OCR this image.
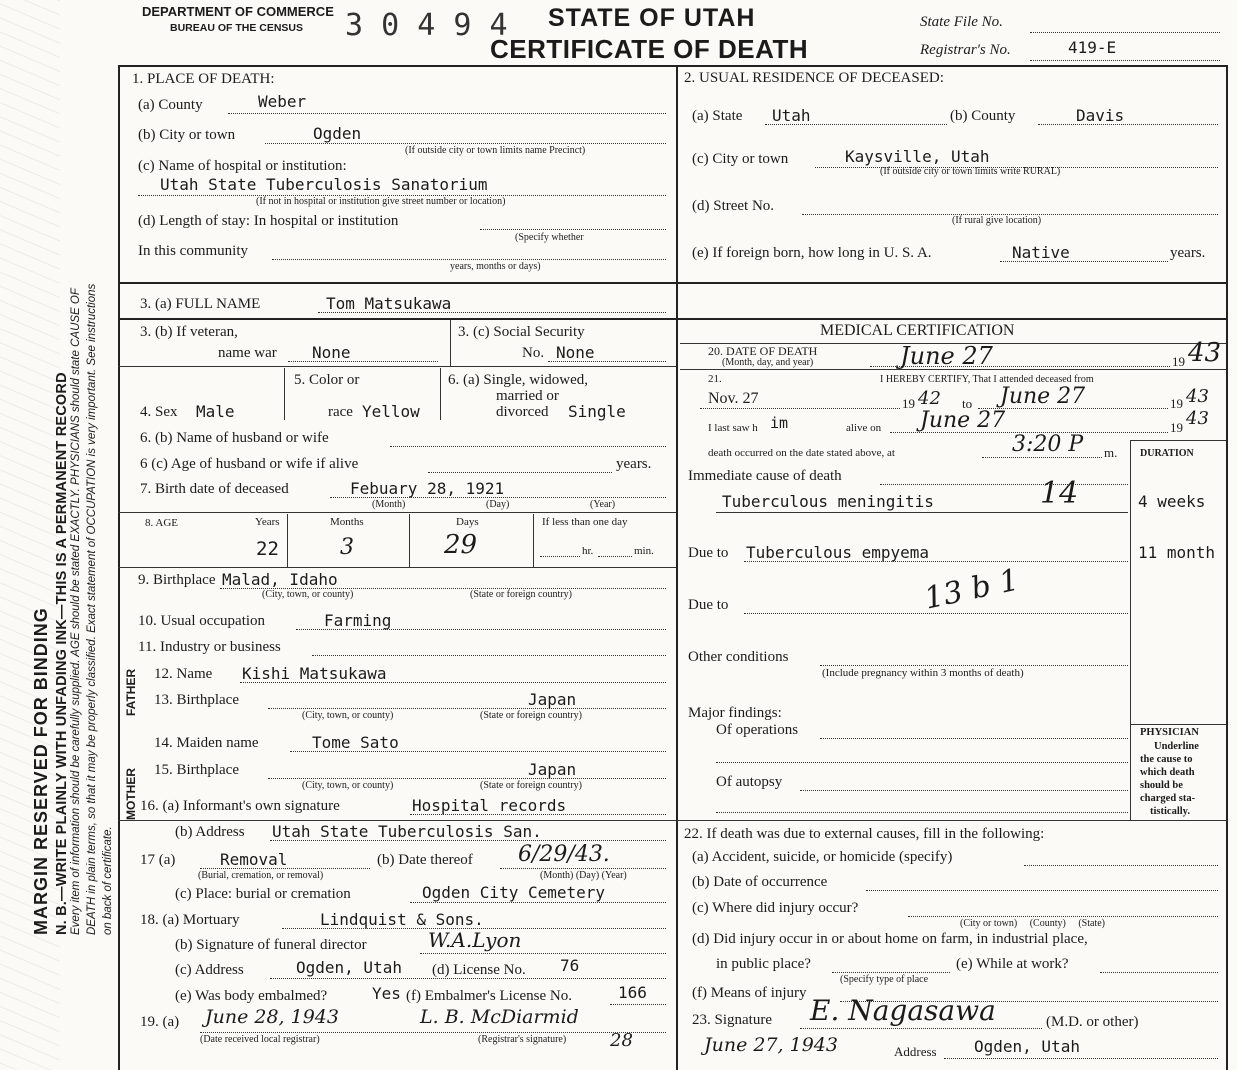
MARGIN RESERVED FOR BINDING N. B.—WRITE PLAINLY WITH UNFADING INK—THIS IS A PERMANENT RECORD Every item of information should be carefully supplied. AGE should be stated EXACTLY. PHYSICIANS should state CAUSE OF DEATH in plain terms, so that it may be properly classified. Exact statement of OCCUPATION is very important. See instructions on back of certificate.
DEPARTMENT OF COMMERCE
BUREAU OF THE CENSUS 3 0 4 9 4 STATE OF UTAH
CERTIFICATE OF DEATH
State File No.
Registrar's No.	419-E
1. PLACE OF DEATH:
(a) County	Weber
(b) City or town	Ogden
(If outside city or town limits name Precinct)
(c) Name of hospital or institution:
Utah State Tuberculosis Sanatorium
(If not in hospital or institution give street number or location)
(d) Length of stay: In hospital or institution
(Specify whether
In this community
years, months or days)
2. USUAL RESIDENCE OF DECEASED:
(a) State Utah	(b) County	Davis
(c) City or town	Kaysville, Utah
(If outside city or town limits write RURAL)
(d) Street No.
(If rural give location)
(e) If foreign born, how long in U. S. A.	Native	years.
3. (a) FULL NAME	Tom Matsukawa
3. (b) If veteran,
name war None
3. (c) Social Security
No. None
4. Sex Male
5. Color or
race Yellow
6. (a) Single, widowed,
married or
divorced Single
6. (b) Name of husband or wife
6 (c) Age of husband or wife if alive	years.
7. Birth date of deceased	Febuary 28, 1921
(Month)	(Day)	(Year)
8. AGE	Years	Months	Days	If less than one day
22	3	29	hr.	min.
9. Birthplace Malad, Idaho
(City, town, or county)	(State or foreign country)
10. Usual occupation	Farming
11. Industry or business
FATHER
MOTHER
12. Name Kishi Matsukawa
13. Birthplace	Japan
(City, town, or county)	(State or foreign country)
14. Maiden name	Tome Sato
15. Birthplace	Japan
(City, town, or county)	(State or foreign country)
16. (a) Informant's own signature	Hospital records
(b) Address Utah State Tuberculosis San.
17 (a)	Removal
(Burial, cremation, or removal)
(b) Date thereof 6/29/43.
(Month) (Day) (Year)
(c) Place: burial or cremation	Ogden City Cemetery
18. (a) Mortuary	Lindquist & Sons.
(b) Signature of funeral director	W.A.Lyon
(c) Address	Ogden, Utah (d) License No. 76
(e) Was body embalmed?	Yes (f) Embalmer's License No.	166
19. (a) June 28, 1943	L. B. McDiarmid
(Date received local registrar)	(Registrar's signature) 28
MEDICAL CERTIFICATION
20. DATE OF DEATH
(Month, day, and year)	June 27	19 43
21.	I HEREBY CERTIFY, That I attended deceased from
Nov. 27	19 42 to June 27	19 43
I last saw h im	alive on June 27	19 43
death occurred on the date stated above, at	3:20 P m. DURATION
Immediate cause of death
Tuberculous meningitis	14	4 weeks
Due to Tuberculous empyema	11 month
13 b 1
Due to
Other conditions
(Include pregnancy within 3 months of death)
Major findings:
Of operations
Of autopsy
PHYSICIAN
Underline
the cause to
which death
should be
charged sta-
tistically.
22. If death was due to external causes, fill in the following:
(a) Accident, suicide, or homicide (specify)
(b) Date of occurrence
(c) Where did injury occur?
(City or town)     (County)     (State)
(d) Did injury occur in or about home on farm, in industrial place,
in public place?
(Specify type of place
(e) While at work?
(f) Means of injury
23. Signature E. Nagasawa	(M.D. or other)
June 27, 1943	Address Ogden, Utah
